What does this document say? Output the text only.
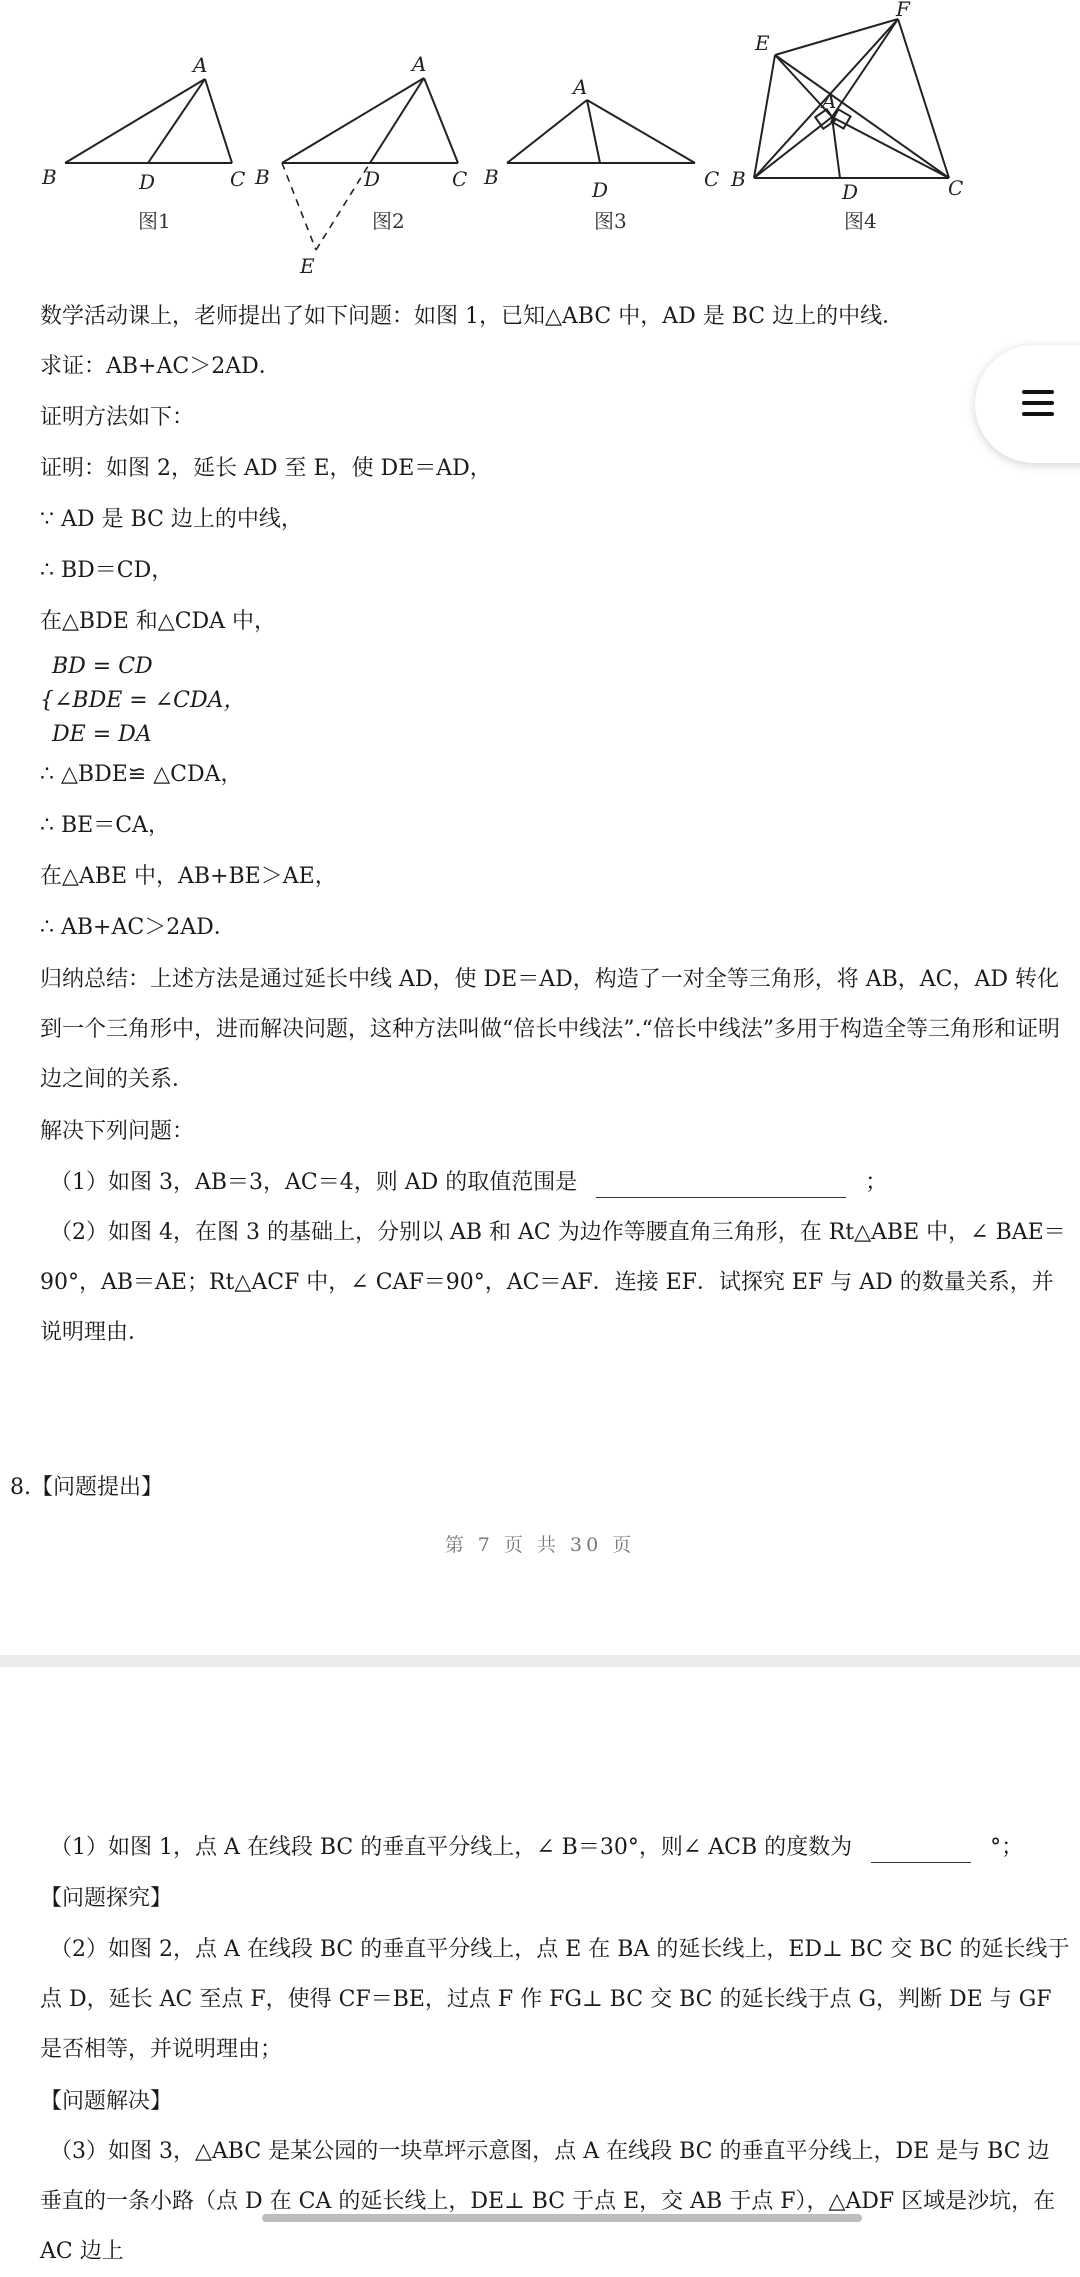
A
B	D	C
图1
A
B	D	C
E
图2
A
B
D	C
图3
E
F
A
B
D	C
图4
数学活动课上，老师提出了如下问题：如图 1，已知△ABC 中，AD 是 BC 边上的中线．
求证：AB+AC＞2AD．
证明方法如下：
证明：如图 2，延长 AD 至 E，使 DE＝AD，
∵ AD 是 BC 边上的中线，
∴ BD＝CD，
在△BDE 和△CDA 中，
BD = CD
{∠BDE = ∠CDA，
DE = DA
∴ △BDE≌ △CDA，
∴ BE＝CA，
在△ABE 中，AB+BE＞AE，
∴ AB+AC＞2AD．
归纳总结：上述方法是通过延长中线 AD，使 DE＝AD，构造了一对全等三角形，将 AB，AC，AD 转化到一个三角形中，进而解决问题，这种方法叫做“倍长中线法”.“倍长中线法”多用于构造全等三角形和证明边之间的关系．
解决下列问题：
（1）如图 3，AB＝3，AC＝4，则 AD 的取值范围是	；
（2）如图 4，在图 3 的基础上，分别以 AB 和 AC 为边作等腰直角三角形，在 Rt△ABE 中，∠ BAE＝90°，AB＝AE；Rt△ACF 中，∠ CAF＝90°，AC＝AF．连接 EF．试探究 EF 与 AD 的数量关系，并说明理由．
8.【问题提出】
第 7 页 共 30 页
（1）如图 1，点 A 在线段 BC 的垂直平分线上，∠ B＝30°，则∠ ACB 的度数为	°；
【问题探究】
（2）如图 2，点 A 在线段 BC 的垂直平分线上，点 E 在 BA 的延长线上，ED⊥ BC 交 BC 的延长线于点 D，延长 AC 至点 F，使得 CF＝BE，过点 F 作 FG⊥ BC 交 BC 的延长线于点 G，判断 DE 与 GF 是否相等，并说明理由；
【问题解决】
（3）如图 3，△ABC 是某公园的一块草坪示意图，点 A 在线段 BC 的垂直平分线上，DE 是与 BC 边垂直的一条小路（点 D 在 CA 的延长线上，DE⊥ BC 于点 E，交 AB 于点 F），△ADF 区域是沙坑，在 AC 边上
